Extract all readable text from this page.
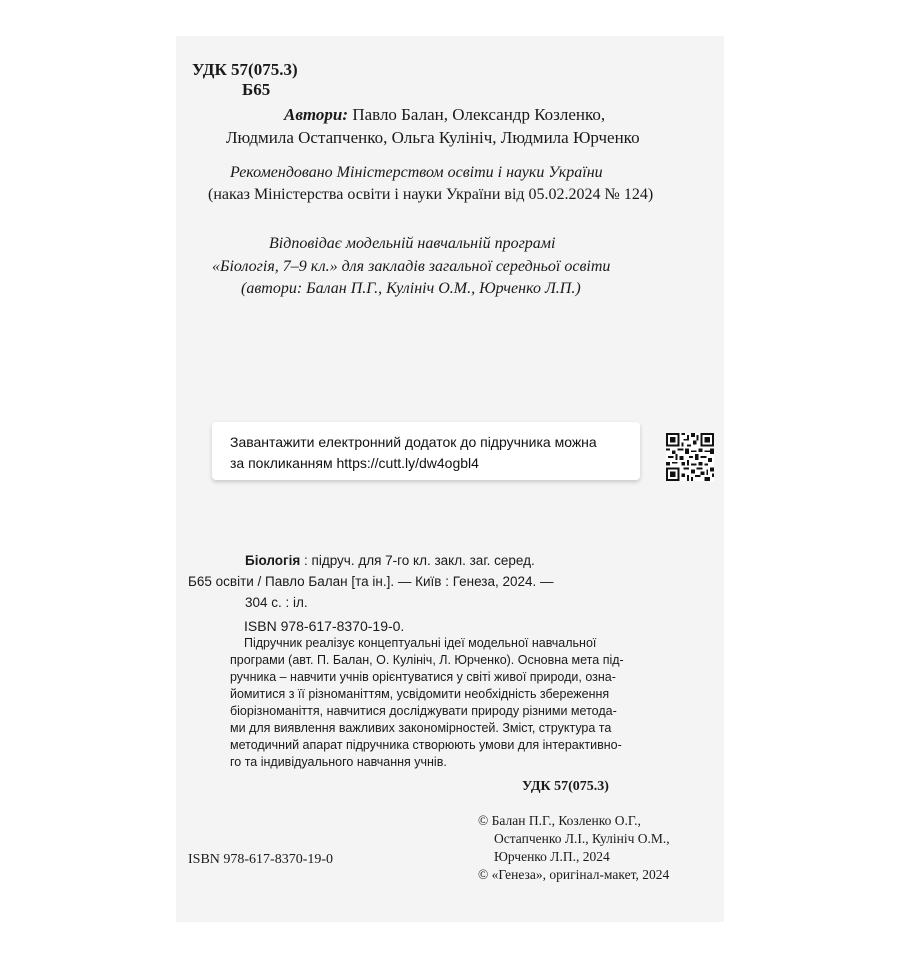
УДК 57(075.3)
Б65
Автори: Павло Балан, Олександр Козленко,
Людмила Остапченко, Ольга Кулініч, Людмила Юрченко
Рекомендовано Міністерством освіти і науки України
(наказ Міністерства освіти і науки України від 05.02.2024 № 124)
Відповідає модельній навчальній програмі
«Біологія, 7–9 кл.» для закладів загальної середньої освіти
(автори: Балан П.Г., Кулініч О.М., Юрченко Л.П.)
Завантажити електронний додаток до підручника можна
за покликанням https://cutt.ly/dw4ogbl4
Біологія : підруч. для 7-го кл. закл. заг. серед.
Б65 освіти / Павло Балан [та ін.]. — Київ : Генеза, 2024. —
304 с. : іл.
ISBN 978-617-8370-19-0.
Підручник реалізує концептуальні ідеї модельної навчальної
програми (авт. П. Балан, О. Кулініч, Л. Юрченко). Основна мета під-
ручника – навчити учнів орієнтуватися у світі живої природи, озна-
йомитися з її різноманіттям, усвідомити необхідність збереження
біорізноманіття, навчитися досліджувати природу різними метода-
ми для виявлення важливих закономірностей. Зміст, структура та
методичний апарат підручника створюють умови для інтерактивно-
го та індивідуального навчання учнів.
УДК 57(075.3)
© Балан П.Г., Козленко О.Г.,
Остапченко Л.І., Кулініч О.М.,
Юрченко Л.П., 2024
© «Генеза», оригінал-макет, 2024
ISBN 978-617-8370-19-0
